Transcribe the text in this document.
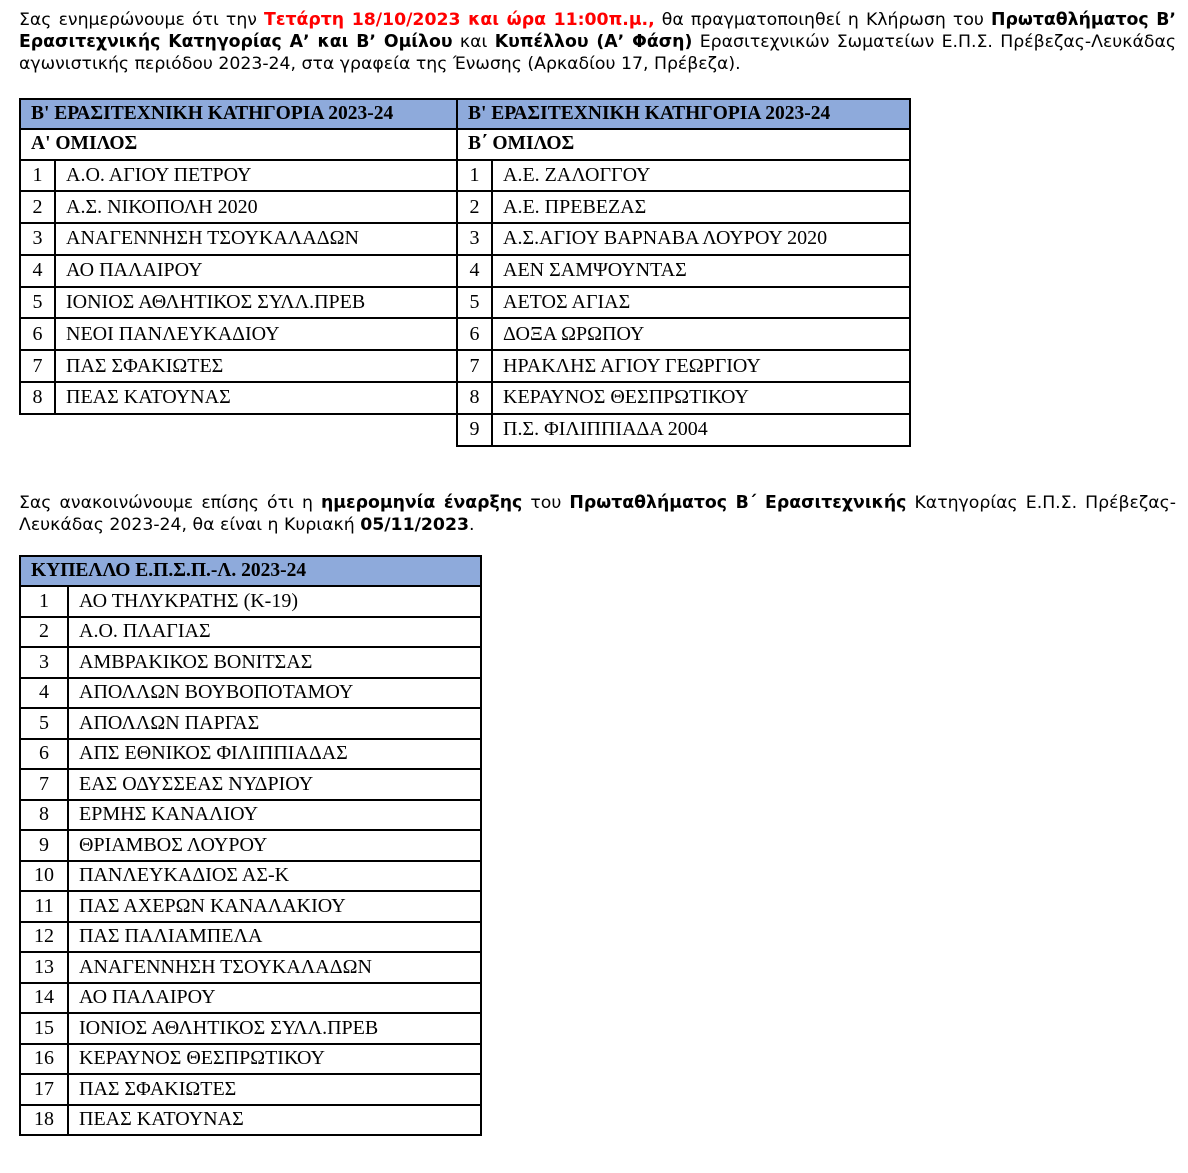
Σας ενημερώνουμε ότι την Τετάρτη 18/10/2023 και ώρα 11:00π.μ., θα πραγματοποιηθεί η Κλήρωση του Πρωταθλήματος Β’ Ερασιτεχνικής Κατηγορίας Α’ και Β’ Ομίλου και Κυπέλλου (Α’ Φάση) Ερασιτεχνικών Σωματείων Ε.Π.Σ. Πρέβεζας-Λευκάδας αγωνιστικής περιόδου 2023-24, στα γραφεία της Ένωσης (Αρκαδίου 17, Πρέβεζα).

Β' ΕΡΑΣΙΤΕΧΝΙΚΗ ΚΑΤΗΓΟΡΙΑ 2023-24		Β' ΕΡΑΣΙΤΕΧΝΙΚΗ ΚΑΤΗΓΟΡΙΑ 2023-24	
Α' ΟΜΙΛΟΣ		Β΄ ΟΜΙΛΟΣ	
1	Α.Ο. ΑΓΙΟΥ ΠΕΤΡΟΥ	1	Α.Ε. ΖΑΛΟΓΓΟΥ
2	Α.Σ. ΝΙΚΟΠΟΛΗ 2020	2	Α.Ε. ΠΡΕΒΕΖΑΣ
3	ΑΝΑΓΕΝΝΗΣΗ ΤΣΟΥΚΑΛΑΔΩΝ	3	Α.Σ.ΑΓΙΟΥ ΒΑΡΝΑΒΑ ΛΟΥΡΟΥ 2020
4	ΑΟ ΠΑΛΑΙΡΟΥ	4	ΑΕΝ ΣΑΜΨΟΥΝΤΑΣ
5	ΙΟΝΙΟΣ ΑΘΛΗΤΙΚΟΣ ΣΥΛΛ.ΠΡΕΒ	5	ΑΕΤΟΣ ΑΓΙΑΣ
6	ΝΕΟΙ ΠΑΝΛΕΥΚΑΔΙΟΥ	6	ΔΟΞΑ ΩΡΩΠΟΥ
7	ΠΑΣ ΣΦΑΚΙΩΤΕΣ	7	ΗΡΑΚΛΗΣ ΑΓΙΟΥ ΓΕΩΡΓΙΟΥ
8	ΠΕΑΣ ΚΑΤΟΥΝΑΣ	8	ΚΕΡΑΥΝΟΣ ΘΕΣΠΡΩΤΙΚΟΥ
		9	Π.Σ. ΦΙΛΙΠΠΙΑΔΑ 2004

Σας ανακοινώνουμε επίσης ότι η ημερομηνία έναρξης του Πρωταθλήματος Β΄ Ερασιτεχνικής Κατηγορίας Ε.Π.Σ. Πρέβεζας-Λευκάδας 2023-24, θα είναι η Κυριακή 05/11/2023.

ΚΥΠΕΛΛΟ Ε.Π.Σ.Π.-Λ. 2023-24	
1	ΑΟ ΤΗΛΥΚΡΑΤΗΣ (Κ-19)
2	Α.Ο. ΠΛΑΓΙΑΣ
3	ΑΜΒΡΑΚΙΚΟΣ ΒΟΝΙΤΣΑΣ
4	ΑΠΟΛΛΩΝ ΒΟΥΒΟΠΟΤΑΜΟΥ
5	ΑΠΟΛΛΩΝ ΠΑΡΓΑΣ
6	ΑΠΣ ΕΘΝΙΚΟΣ ΦΙΛΙΠΠΙΑΔΑΣ
7	ΕΑΣ ΟΔΥΣΣΕΑΣ ΝΥΔΡΙΟΥ
8	ΕΡΜΗΣ ΚΑΝΑΛΙΟΥ
9	ΘΡΙΑΜΒΟΣ ΛΟΥΡΟΥ
10	ΠΑΝΛΕΥΚΑΔΙΟΣ ΑΣ-Κ
11	ΠΑΣ ΑΧΕΡΩΝ ΚΑΝΑΛΑΚΙΟΥ
12	ΠΑΣ ΠΑΛΙΑΜΠΕΛΑ
13	ΑΝΑΓΕΝΝΗΣΗ ΤΣΟΥΚΑΛΑΔΩΝ
14	ΑΟ ΠΑΛΑΙΡΟΥ
15	ΙΟΝΙΟΣ ΑΘΛΗΤΙΚΟΣ ΣΥΛΛ.ΠΡΕΒ
16	ΚΕΡΑΥΝΟΣ ΘΕΣΠΡΩΤΙΚΟΥ
17	ΠΑΣ ΣΦΑΚΙΩΤΕΣ
18	ΠΕΑΣ ΚΑΤΟΥΝΑΣ
